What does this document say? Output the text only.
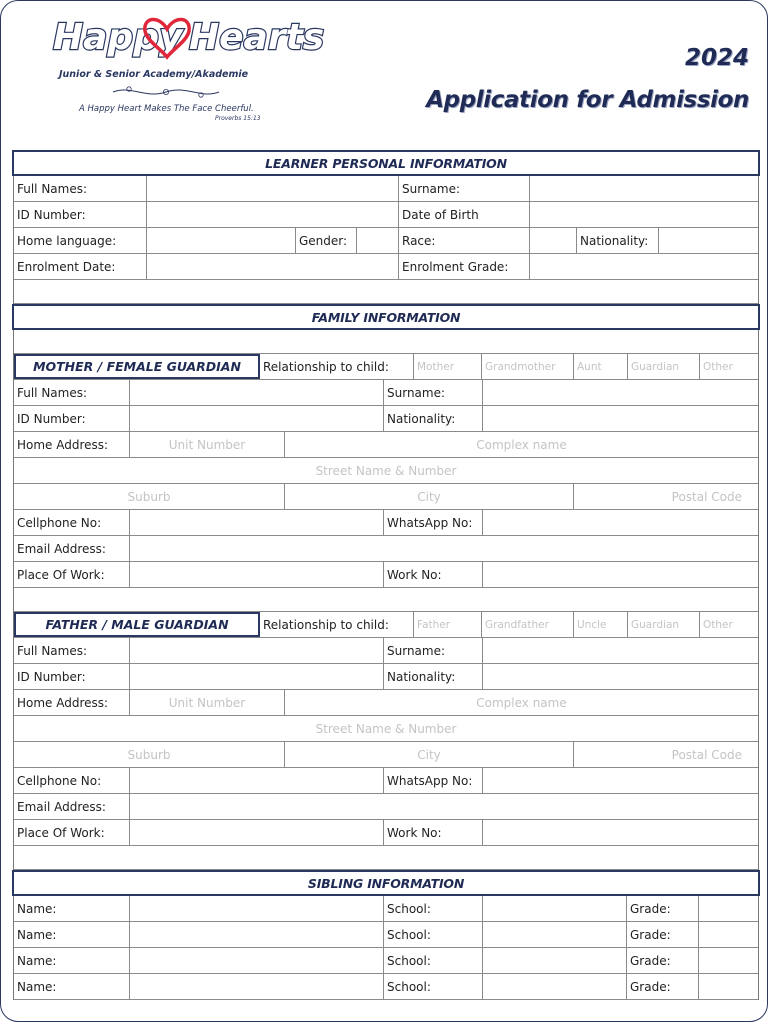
Happy Hearts
Junior & Senior Academy/Akademie
A Happy Heart Makes The Face Cheerful.
Proverbs 15:13
2024
Application for Admission
LEARNER PERSONAL INFORMATION
Full Names:	Surname:
ID Number:	Date of Birth
Home language:	Gender:	Race:	Nationality:
Enrolment Date:	Enrolment Grade:
FAMILY INFORMATION
MOTHER / FEMALE GUARDIAN	Relationship to child:	Mother	Grandmother	Aunt	Guardian	Other
Full Names:	Surname:
ID Number:	Nationality:
Home Address:	Unit Number	Complex name
Street Name & Number
Suburb	City	Postal Code
Cellphone No:	WhatsApp No:
Email Address:
Place Of Work:	Work No:
FATHER / MALE GUARDIAN	Relationship to child:	Father	Grandfather	Uncle	Guardian	Other
Full Names:	Surname:
ID Number:	Nationality:
Home Address:	Unit Number	Complex name
Street Name & Number
Suburb	City	Postal Code
Cellphone No:	WhatsApp No:
Email Address:
Place Of Work:	Work No:
SIBLING INFORMATION
Name:	School:	Grade:
Name:	School:	Grade:
Name:	School:	Grade:
Name:	School:	Grade:
